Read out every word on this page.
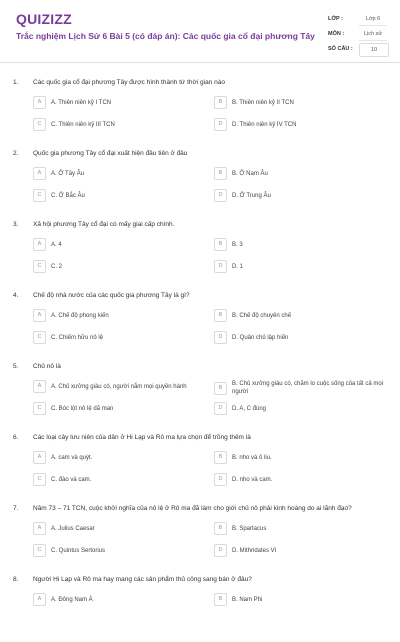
QUIZIZZ
Trắc nghiệm Lịch Sử 6 Bài 5 (có đáp án): Các quốc gia cổ đại phương Tây
LỚP :	Lớp 6
MÔN :	Lịch sử
SỐ CÂU :	10
1. Các quốc gia cổ đại phương Tây được hình thành từ thời gian nào
A	A. Thiên niên kỷ I TCN	B	B. Thiên niên kỷ II TCN
C	C. Thiên niên kỷ III TCN	D	D. Thiên niên kỷ IV TCN
2. Quốc gia phương Tây cổ đại xuất hiện đầu tiên ở đâu
A	A. Ở Tây Âu	B	B. Ở Nam Âu
C	C. Ở Bắc Âu	D	D. Ở Trung Âu
3. Xã hội phương Tây cổ đại có mấy giai cấp chính.
A	A. 4	B	B. 3
C	C. 2	D	D. 1
4. Chế độ nhà nước của các quốc gia phương Tây là gì?
A	A. Chế độ phong kiến	B	B. Chế độ chuyên chế
C	C. Chiếm hữu nô lệ	D	D. Quân chủ lập hiến
5. Chủ nô là
A	A. Chủ xưởng giàu có, người nắm mọi quyền hành	B
B. Chủ xưởng giàu có, chăm lo cuộc sống của tất cả mọi người
C	C. Bóc lột nô lệ dã man	D	D. A, C đúng
6. Các loại cây lưu niên của dân ở Hi Lạp và Rô ma lựa chọn để trồng thêm là
A	A. cam và quýt.	B	B. nho và ô liu.
C	C. đào và cam.	D	D. nho và cam.
7. Năm 73 – 71 TCN, cuộc khởi nghĩa của nô lệ ở Rô ma đã làm cho giới chủ nô phải kinh hoàng do ai lãnh đạo?
A	A. Julius Caesar	B	B. Spartacus
C	C. Quintus Sertorius	D	D. Mithridates VI
8. Người Hi Lạp và Rô ma hay mang các sản phẩm thủ công sang bán ở đâu?
A	A. Đông Nam Á	B	B. Nam Phi
